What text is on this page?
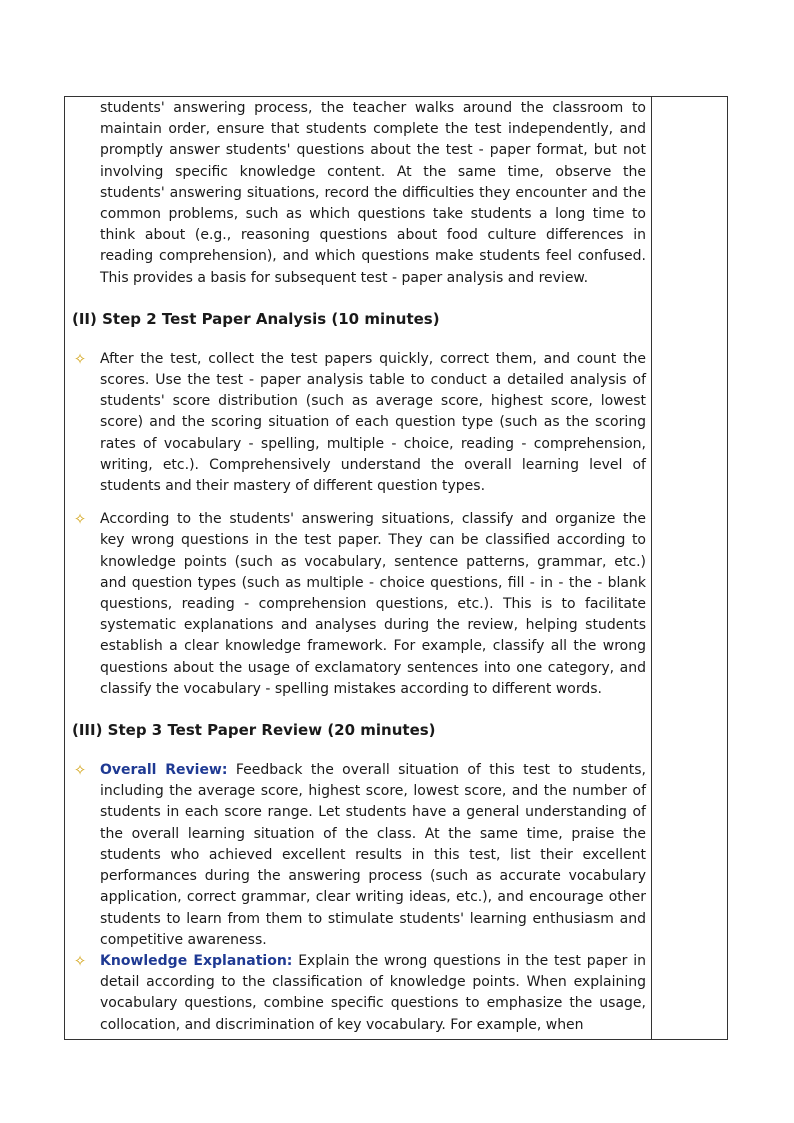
students' answering process, the teacher walks around the classroom to maintain order, ensure that students complete the test independently, and promptly answer students' questions about the test - paper format, but not involving specific knowledge content. At the same time, observe the students' answering situations, record the difficulties they encounter and the common problems, such as which questions take students a long time to think about (e.g., reasoning questions about food culture differences in reading comprehension), and which questions make students feel confused. This provides a basis for subsequent test - paper analysis and review.

(II) Step 2 Test Paper Analysis (10 minutes)

✧ After the test, collect the test papers quickly, correct them, and count the scores. Use the test - paper analysis table to conduct a detailed analysis of students' score distribution (such as average score, highest score, lowest score) and the scoring situation of each question type (such as the scoring rates of vocabulary - spelling, multiple - choice, reading - comprehension, writing, etc.). Comprehensively understand the overall learning level of students and their mastery of different question types.

✧ According to the students' answering situations, classify and organize the key wrong questions in the test paper. They can be classified according to knowledge points (such as vocabulary, sentence patterns, grammar, etc.) and question types (such as multiple - choice questions, fill - in - the - blank questions, reading - comprehension questions, etc.). This is to facilitate systematic explanations and analyses during the review, helping students establish a clear knowledge framework. For example, classify all the wrong questions about the usage of exclamatory sentences into one category, and classify the vocabulary - spelling mistakes according to different words.

(III) Step 3 Test Paper Review (20 minutes)

✧ Overall Review: Feedback the overall situation of this test to students, including the average score, highest score, lowest score, and the number of students in each score range. Let students have a general understanding of the overall learning situation of the class. At the same time, praise the students who achieved excellent results in this test, list their excellent performances during the answering process (such as accurate vocabulary application, correct grammar, clear writing ideas, etc.), and encourage other students to learn from them to stimulate students' learning enthusiasm and competitive awareness.

✧ Knowledge Explanation: Explain the wrong questions in the test paper in detail according to the classification of knowledge points. When explaining vocabulary questions, combine specific questions to emphasize the usage, collocation, and discrimination of key vocabulary. For example, when
